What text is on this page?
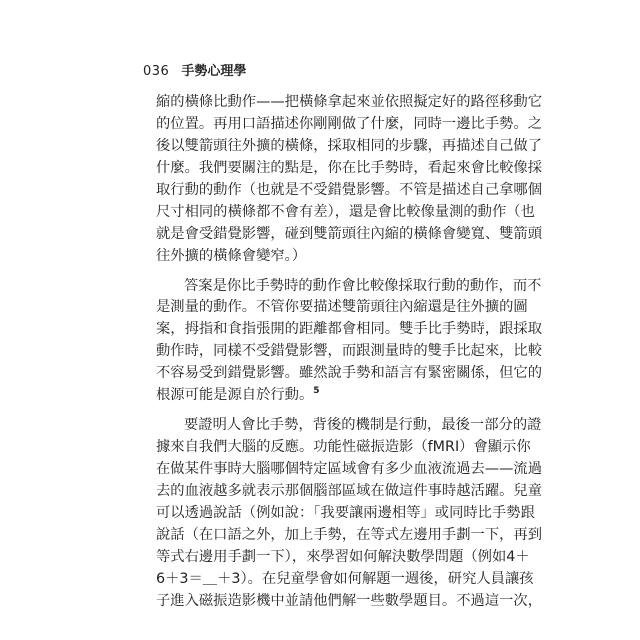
036 手勢心理學
縮的橫條比動作——把橫條拿起來並依照擬定好的路徑移動它
的位置。再用口語描述你剛剛做了什麼，同時一邊比手勢。之
後以雙箭頭往外擴的橫條，採取相同的步驟，再描述自己做了
什麼。我們要關注的點是，你在比手勢時，看起來會比較像採
取行動的動作（也就是不受錯覺影響。不管是描述自己拿哪個
尺寸相同的橫條都不會有差），還是會比較像量測的動作（也
就是會受錯覺影響，碰到雙箭頭往內縮的橫條會變寬、雙箭頭
往外擴的橫條會變窄。）
答案是你比手勢時的動作會比較像採取行動的動作，而不
是測量的動作。不管你要描述雙箭頭往內縮還是往外擴的圖
案，拇指和食指張開的距離都會相同。雙手比手勢時，跟採取
動作時，同樣不受錯覺影響，而跟測量時的雙手比起來，比較
不容易受到錯覺影響。雖然說手勢和語言有緊密關係，但它的
根源可能是源自於行動。$^5$
要證明人會比手勢，背後的機制是行動，最後一部分的證
據來自我們大腦的反應。功能性磁振造影（fMRI）會顯示你
在做某件事時大腦哪個特定區域會有多少血液流過去——流過
去的血液越多就表示那個腦部區域在做這件事時越活躍。兒童
可以透過說話（例如說：「我要讓兩邊相等」或同時比手勢跟
說話（在口語之外，加上手勢，在等式左邊用手劃一下，再到
等式右邊用手劃一下），來學習如何解決數學問題（例如4＋
6＋3＝＿＋3）。在兒童學會如何解題一週後，研究人員讓孩
子進入磁振造影機中並請他們解一些數學題目。不過這一次，
